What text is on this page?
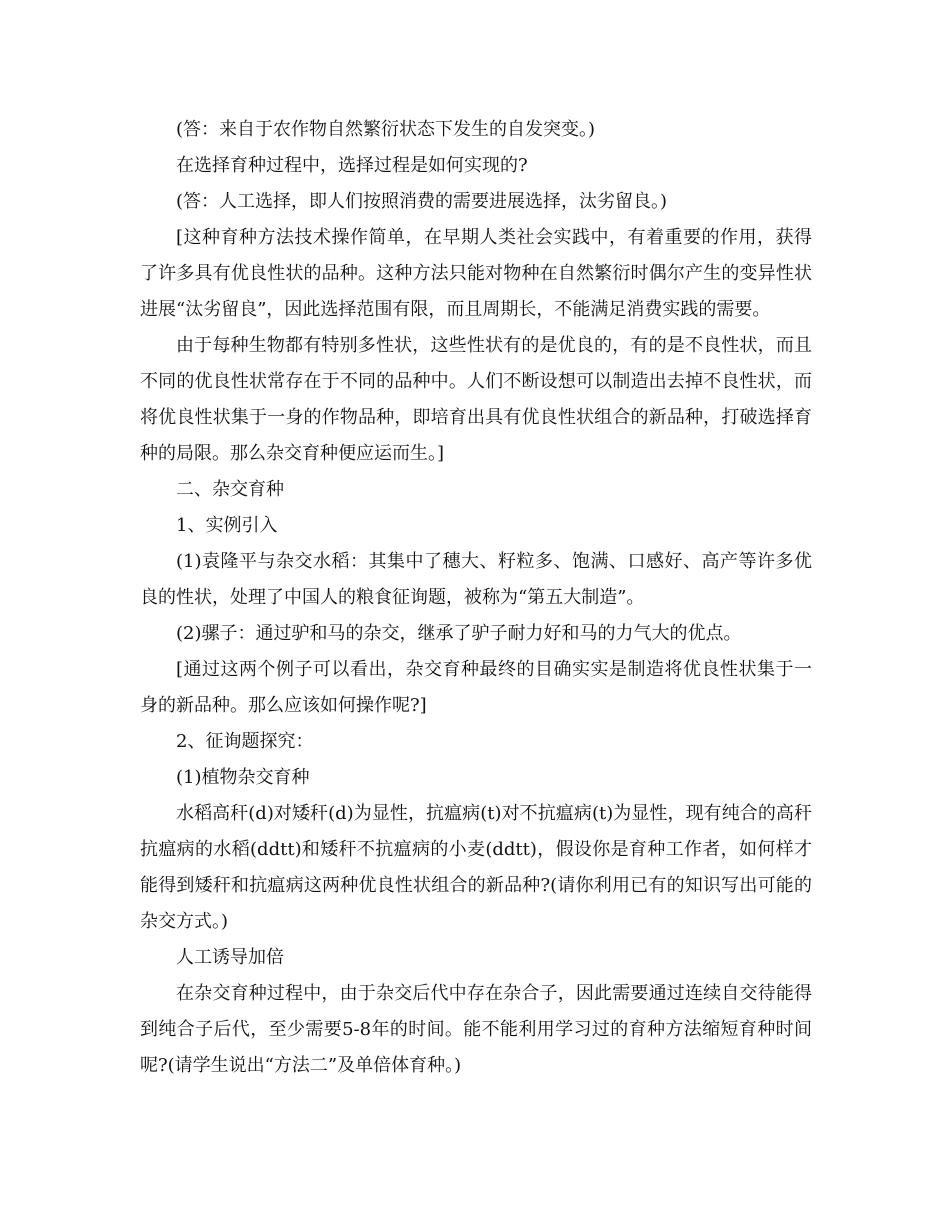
(答：来自于农作物自然繁衍状态下发生的自发突变。)

在选择育种过程中，选择过程是如何实现的?

(答：人工选择，即人们按照消费的需要进展选择，汰劣留良。)

[这种育种方法技术操作简单，在早期人类社会实践中，有着重要的作用，获得了许多具有优良性状的品种。这种方法只能对物种在自然繁衍时偶尔产生的变异性状进展“汰劣留良”，因此选择范围有限，而且周期长，不能满足消费实践的需要。

由于每种生物都有特别多性状，这些性状有的是优良的，有的是不良性状，而且不同的优良性状常存在于不同的品种中。人们不断设想可以制造出去掉不良性状，而将优良性状集于一身的作物品种，即培育出具有优良性状组合的新品种，打破选择育种的局限。那么杂交育种便应运而生。]

二、杂交育种

1、实例引入

(1)袁隆平与杂交水稻：其集中了穗大、籽粒多、饱满、口感好、高产等许多优良的性状，处理了中国人的粮食征询题，被称为“第五大制造”。

(2)骡子：通过驴和马的杂交，继承了驴子耐力好和马的力气大的优点。

[通过这两个例子可以看出，杂交育种最终的目确实实是制造将优良性状集于一身的新品种。那么应该如何操作呢?]

2、征询题探究：

(1)植物杂交育种

水稻高秆(d)对矮秆(d)为显性，抗瘟病(t)对不抗瘟病(t)为显性，现有纯合的高秆抗瘟病的水稻(ddtt)和矮秆不抗瘟病的小麦(ddtt)，假设你是育种工作者，如何样才能得到矮秆和抗瘟病这两种优良性状组合的新品种?(请你利用已有的知识写出可能的杂交方式。)

人工诱导加倍

在杂交育种过程中，由于杂交后代中存在杂合子，因此需要通过连续自交待能得到纯合子后代，至少需要5-8年的时间。能不能利用学习过的育种方法缩短育种时间呢?(请学生说出“方法二”及单倍体育种。)
